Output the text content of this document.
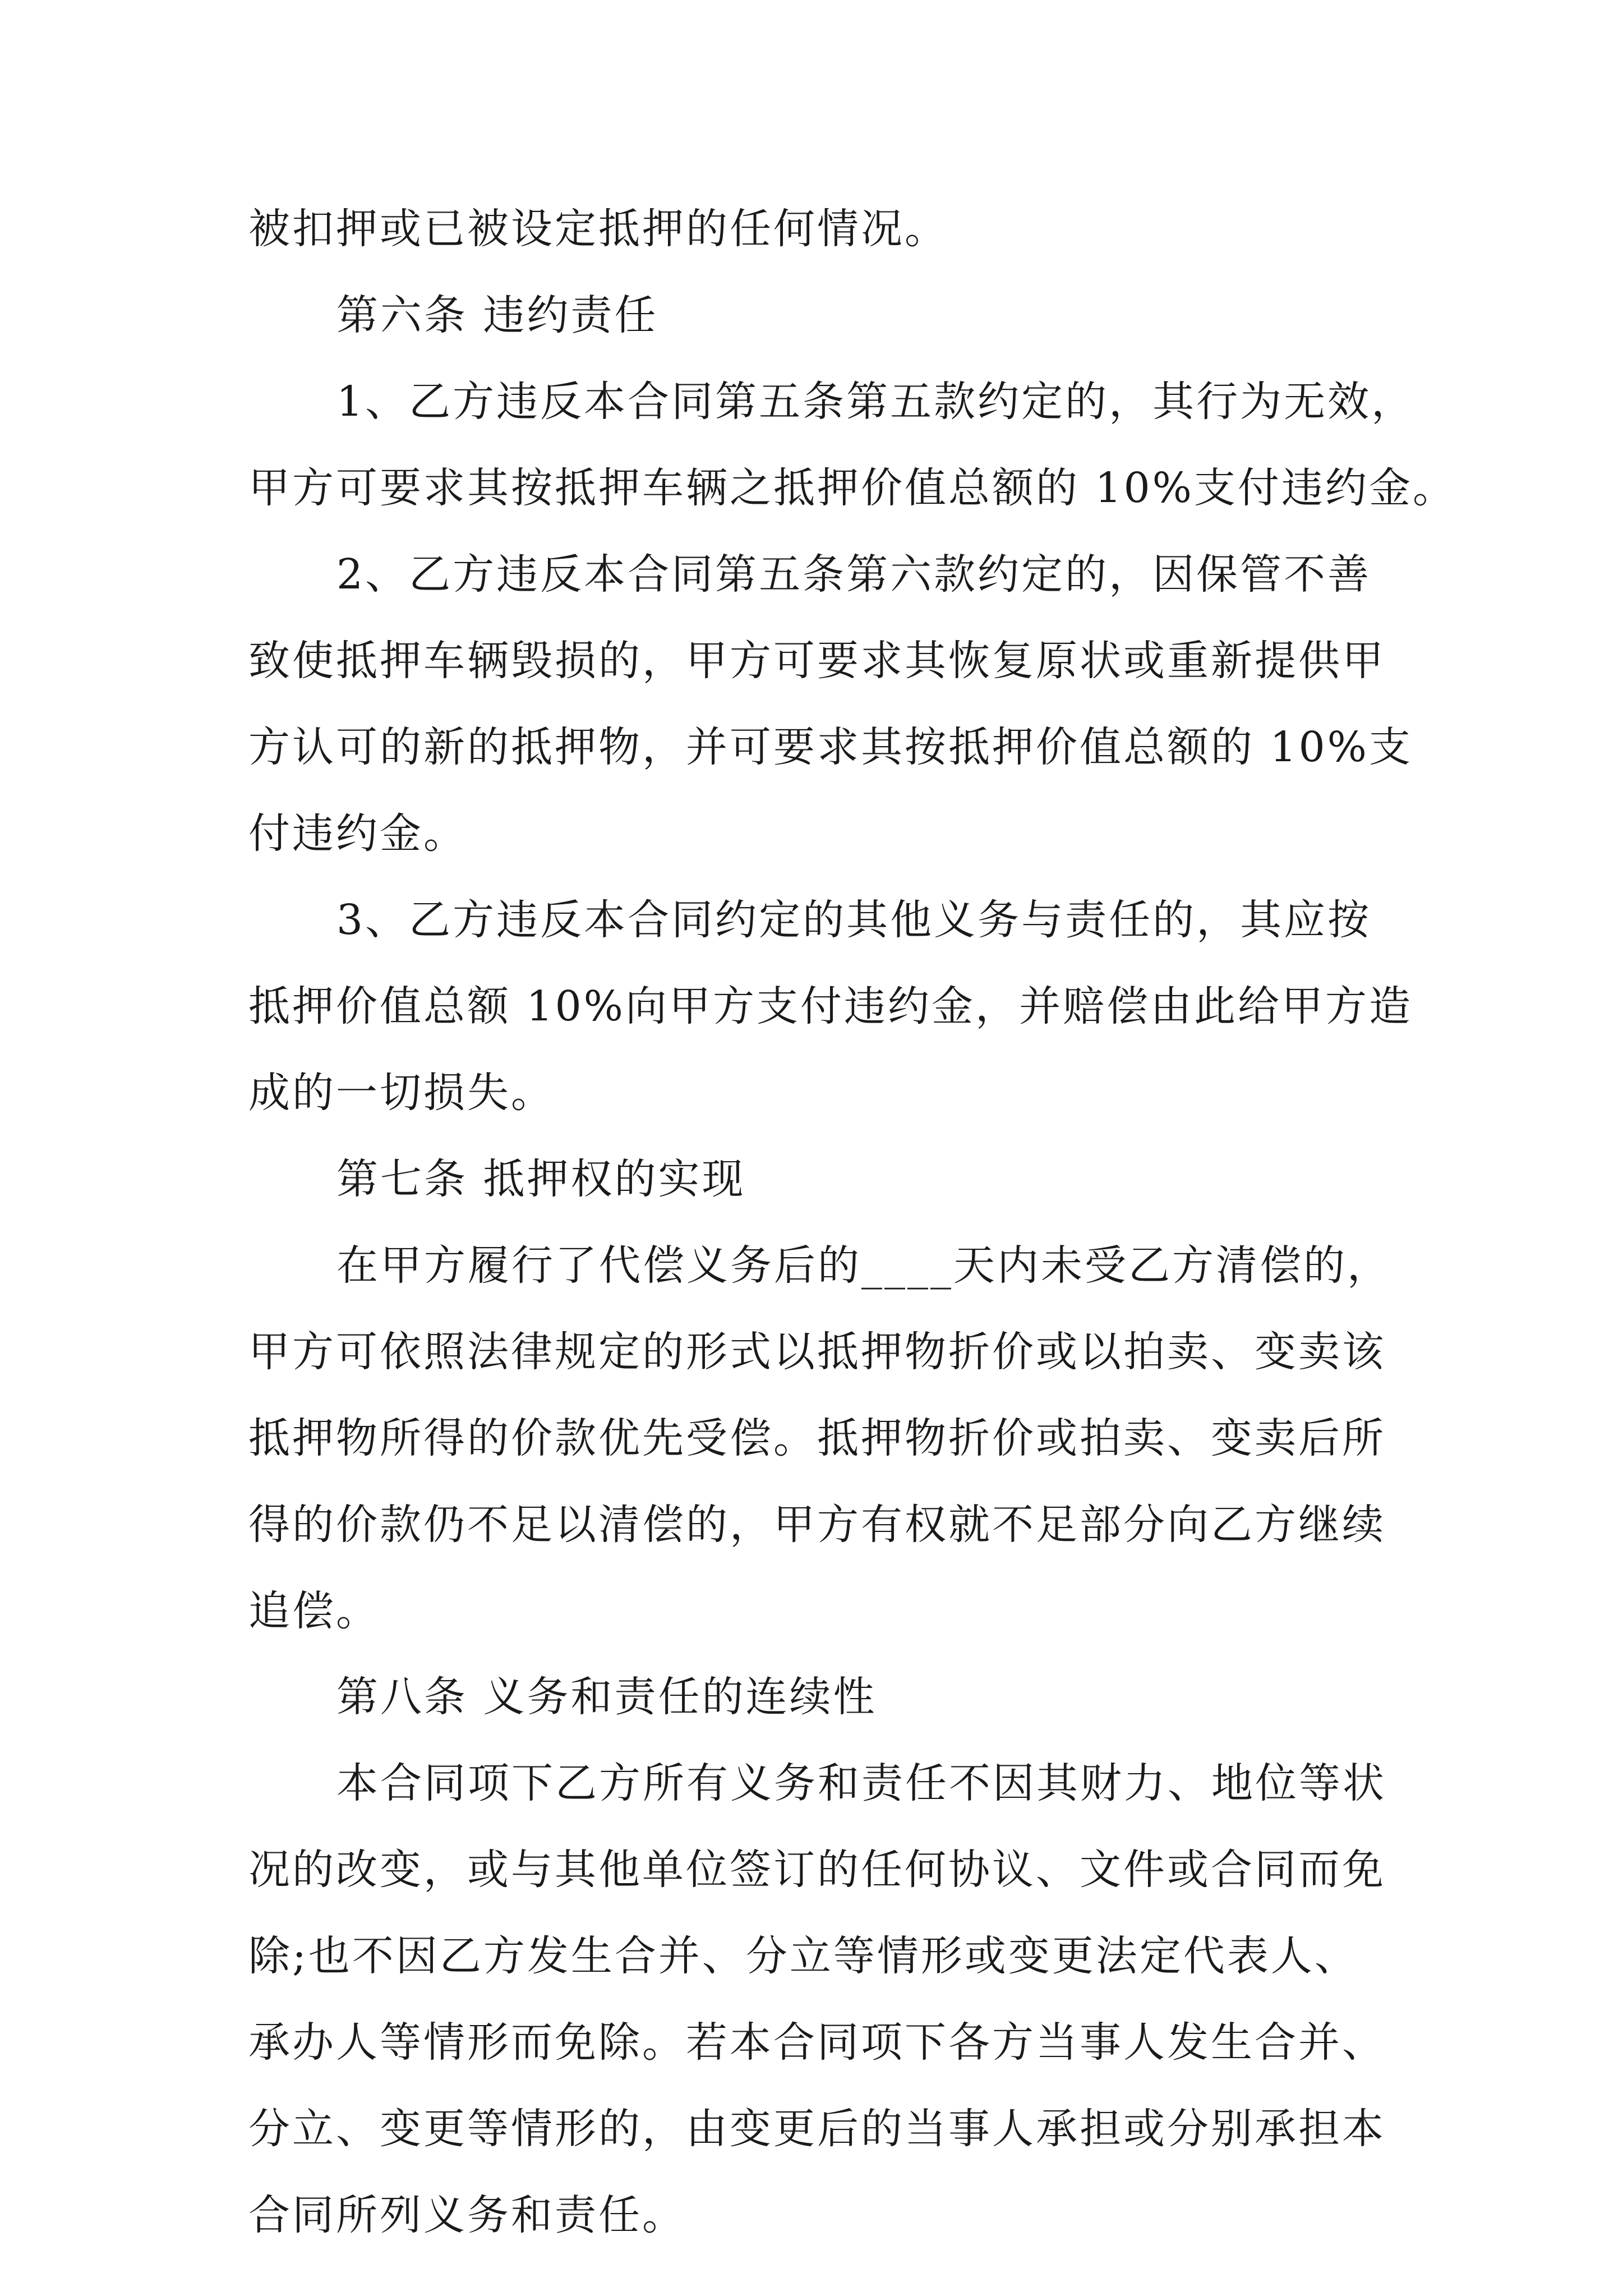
被扣押或已被设定抵押的任何情况。
第六条 违约责任
1、乙方违反本合同第五条第五款约定的，其行为无效，
甲方可要求其按抵押车辆之抵押价值总额的 10%支付违约金。
2、乙方违反本合同第五条第六款约定的，因保管不善
致使抵押车辆毁损的，甲方可要求其恢复原状或重新提供甲
方认可的新的抵押物，并可要求其按抵押价值总额的 10%支
付违约金。
3、乙方违反本合同约定的其他义务与责任的，其应按
抵押价值总额 10%向甲方支付违约金，并赔偿由此给甲方造
成的一切损失。
第七条 抵押权的实现
在甲方履行了代偿义务后的____天内未受乙方清偿的，
甲方可依照法律规定的形式以抵押物折价或以拍卖、变卖该
抵押物所得的价款优先受偿。抵押物折价或拍卖、变卖后所
得的价款仍不足以清偿的，甲方有权就不足部分向乙方继续
追偿。
第八条 义务和责任的连续性
本合同项下乙方所有义务和责任不因其财力、地位等状
况的改变，或与其他单位签订的任何协议、文件或合同而免
除;也不因乙方发生合并、分立等情形或变更法定代表人、
承办人等情形而免除。若本合同项下各方当事人发生合并、
分立、变更等情形的，由变更后的当事人承担或分别承担本
合同所列义务和责任。
